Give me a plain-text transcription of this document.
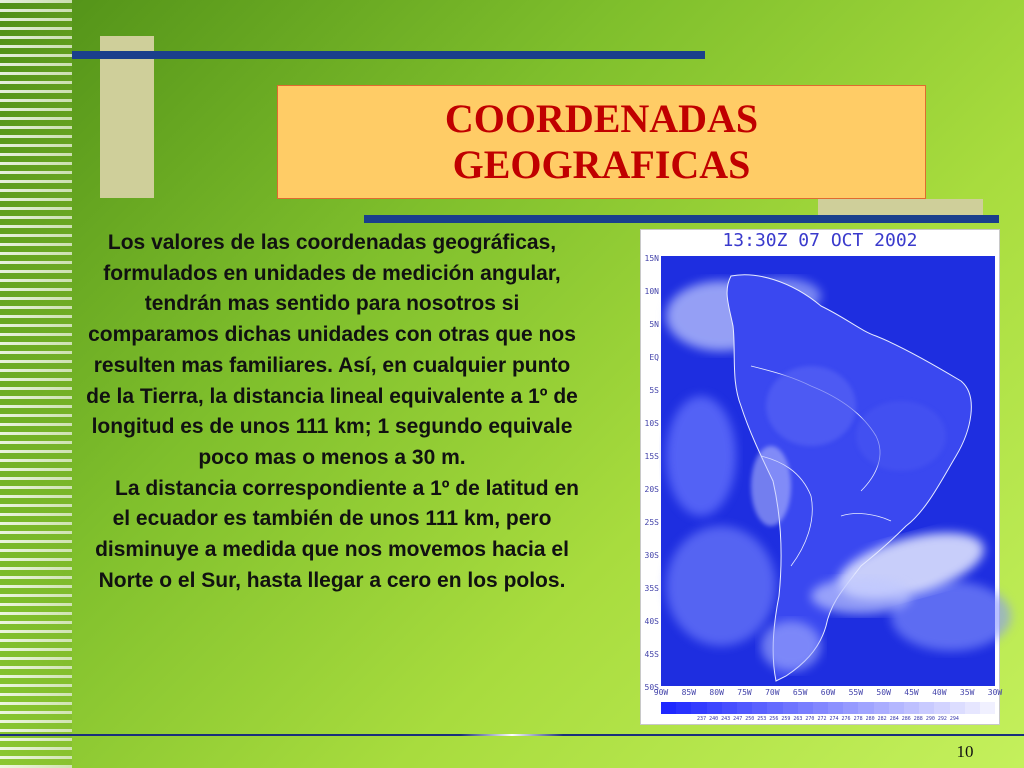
COORDENADAS
GEOGRAFICAS

Los valores de las coordenadas geográficas, formulados en unidades de medición angular, tendrán mas sentido para nosotros si comparamos dichas unidades con otras que nos resulten mas familiares. Así, en cualquier punto de la Tierra, la distancia lineal equivalente a 1º de longitud es de unos 111 km; 1 segundo equivale poco mas o menos a 30 m.

La distancia correspondiente a 1º de latitud en el ecuador es también de unos 111 km, pero disminuye a medida que nos movemos hacia el Norte o el Sur, hasta llegar a cero en los polos.

13:30Z 07 OCT 2002
15N
10N
5N
EQ
5S
10S
15S
20S
25S
30S
35S
40S
45S
50S
90W 85W 80W 75W 70W 65W 60W 55W 50W 45W 40W 35W 30W
237 240 243 247 250 253 256 259 263 270 272 274 276 278 280 282 284 286 288 290 292 294
10
